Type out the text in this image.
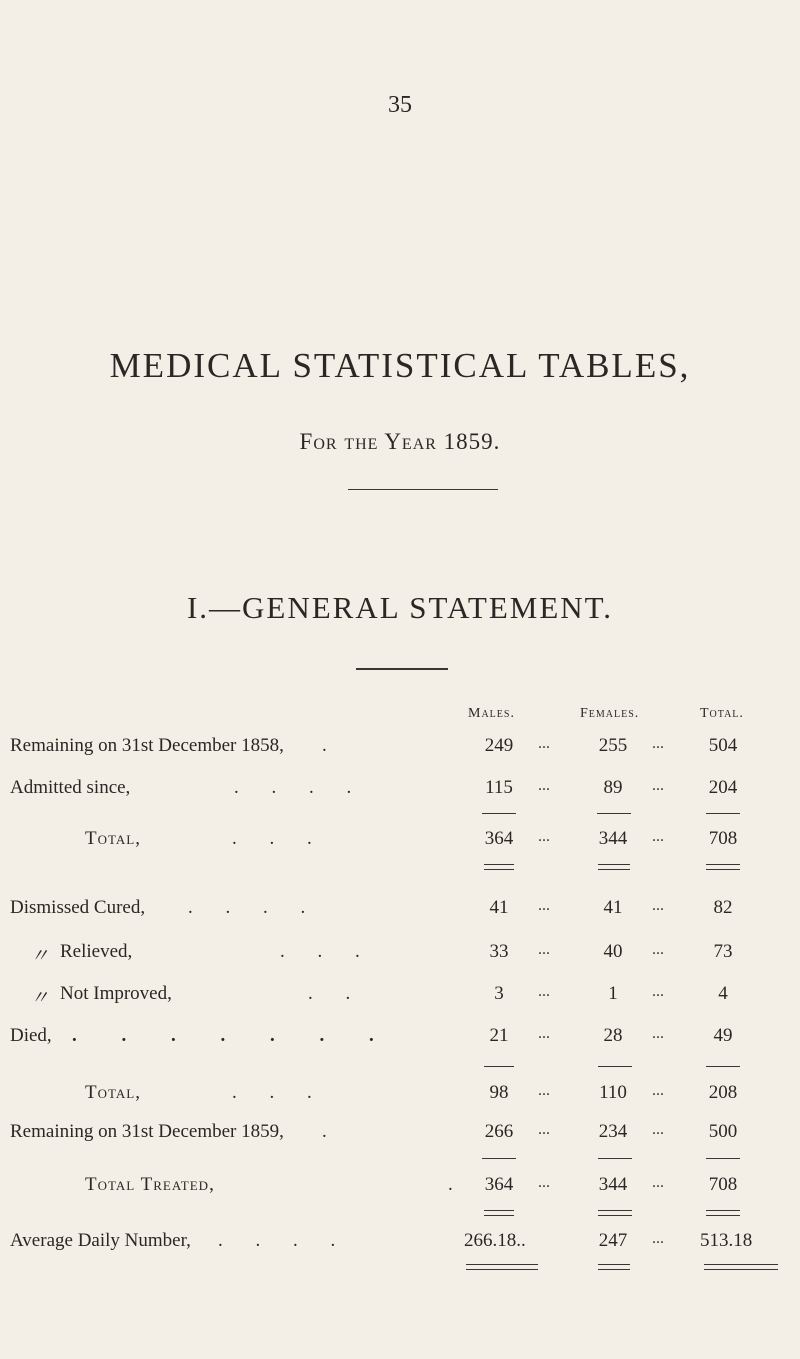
35
MEDICAL STATISTICAL TABLES,
For the Year 1859.
I.—GENERAL STATEMENT.
Males.	Females.	Total.
Remaining on 31st December 1858, .	249	...	255	...	504
Admitted since,	. . . .	115	...	89	...	204
Total,	. . .	364	...	344	...	708
Dismissed Cured, . . . .	41	...	41	...	82
〃 Relieved,	. . .	33	...	40	...	73
〃 Not Improved,	. .	3	...	1	...	4
Died, . . . . . . .	21	...	28	...	49
Total,	. . .	98	...	110	...	208
Remaining on 31st December 1859, .	266	...	234	...	500
Total Treated,	.	364	...	344	...	708
Average Daily Number, . . . .	266.18..	247	... 513.18
